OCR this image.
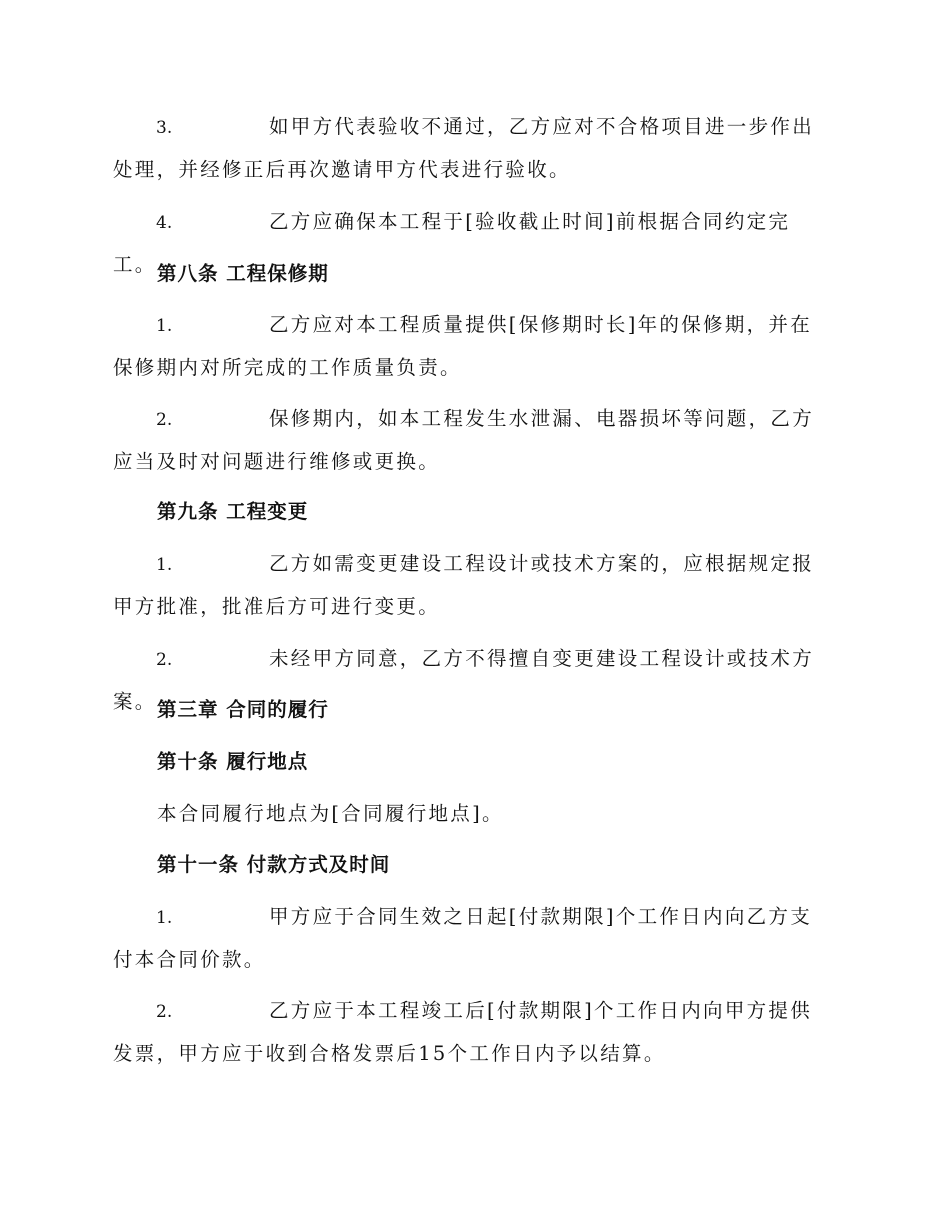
3.	如甲方代表验收不通过，乙方应对不合格项目进一步作出处理，并经修正后再次邀请甲方代表进行验收。
4.	乙方应确保本工程于[验收截止时间]前根据合同约定完工。 第八条 工程保修期
1.	乙方应对本工程质量提供[保修期时长]年的保修期，并在保修期内对所完成的工作质量负责。
2.	保修期内，如本工程发生水泄漏、电器损坏等问题，乙方应当及时对问题进行维修或更换。
第九条 工程变更
1.	乙方如需变更建设工程设计或技术方案的，应根据规定报甲方批准，批准后方可进行变更。
2.	未经甲方同意，乙方不得擅自变更建设工程设计或技术方案。 第三章 合同的履行
第十条 履行地点
本合同履行地点为[合同履行地点]。
第十一条 付款方式及时间
1.	甲方应于合同生效之日起[付款期限]个工作日内向乙方支付本合同价款。
2.	乙方应于本工程竣工后[付款期限]个工作日内向甲方提供发票，甲方应于收到合格发票后15个工作日内予以结算。
